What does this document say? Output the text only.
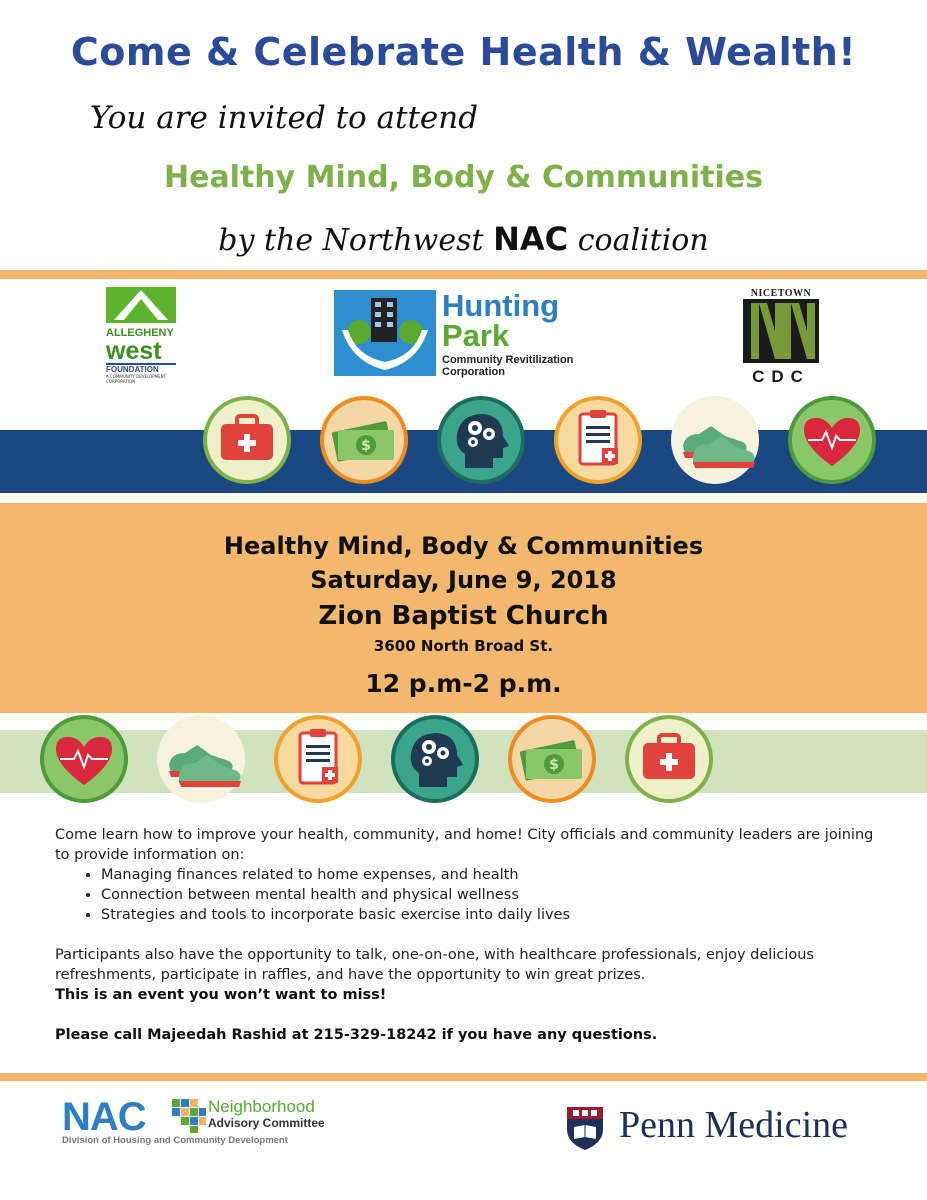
Come & Celebrate Health & Wealth!
You are invited to attend
Healthy Mind, Body & Communities
by the Northwest NAC coalition
ALLEGHENY
west
FOUNDATION
A COMMUNITY DEVELOPMENT CORPORATION
Hunting
Park
Community Revitilization
Corporation
NICETOWN
CDC
$
Healthy Mind, Body & Communities
Saturday, June 9, 2018
Zion Baptist Church
3600 North Broad St.
12 p.m-2 p.m.
$

Come learn how to improve your health, community, and home! City officials and community leaders are joining to provide information on:

• Managing finances related to home expenses, and health
• Connection between mental health and physical wellness
• Strategies and tools to incorporate basic exercise into daily lives

Participants also have the opportunity to talk, one-on-one, with healthcare professionals, enjoy delicious refreshments, participate in raffles, and have the opportunity to win great prizes.

This is an event you won’t want to miss!

Please call Majeedah Rashid at 215-329-18242 if you have any questions.

NAC	Neighborhood
Advisory Committee
Division of Housing and Community Development	Penn Medicine
